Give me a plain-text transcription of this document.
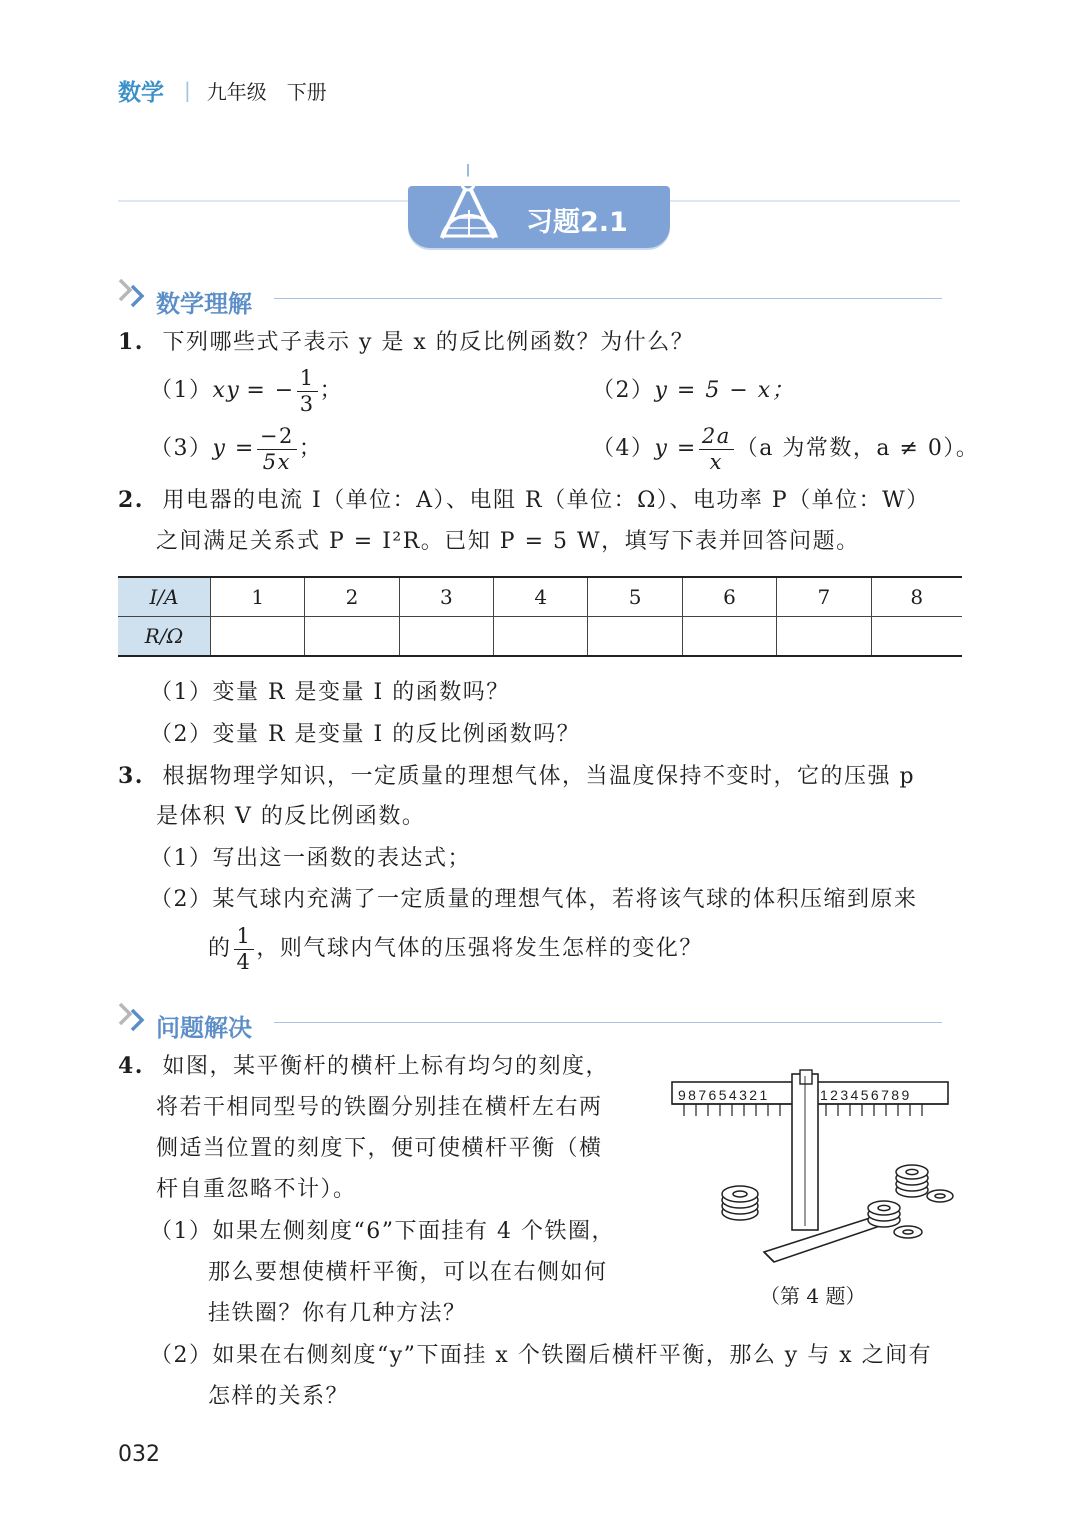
数学 | 九年级 下册
习题2.1
数学理解
1. 下列哪些式子表示 y 是 x 的反比例函数？为什么？
（1） xy = − $\frac{1}{3}$ ；	（2） y = 5 − x；
（3） $y = \frac{-2}{5x}$ ；	（4） $y = \frac{2a}{x} (a$ 为常数，a ≠ 0）。
2. 用电器的电流 I（单位：A）、电阻 R（单位：Ω）、电功率 P（单位：W）
之间满足关系式 P = I²R。已知 P = 5 W，填写下表并回答问题。
I/A	1	2	3	4	5	6	7	8
R/Ω								
（1）变量 R 是变量 I 的函数吗？
（2）变量 R 是变量 I 的反比例函数吗？
3. 根据物理学知识，一定质量的理想气体，当温度保持不变时，它的压强 p
是体积 V 的反比例函数。
（1）写出这一函数的表达式；
（2）某气球内充满了一定质量的理想气体，若将该气球的体积压缩到原来
的 $\frac{1}{4}$ ，则气球内气体的压强将发生怎样的变化？
问题解决
4. 如图，某平衡杆的横杆上标有均匀的刻度，
将若干相同型号的铁圈分别挂在横杆左右两
侧适当位置的刻度下，便可使横杆平衡（横
杆自重忽略不计）。
（1）如果左侧刻度“6”下面挂有 4 个铁圈，
那么要想使横杆平衡，可以在右侧如何
挂铁圈？你有几种方法？
（2）如果在右侧刻度“y”下面挂 x 个铁圈后横杆平衡，那么 y 与 x 之间有
怎样的关系？
987654321	123456789
（第 4 题）
032
